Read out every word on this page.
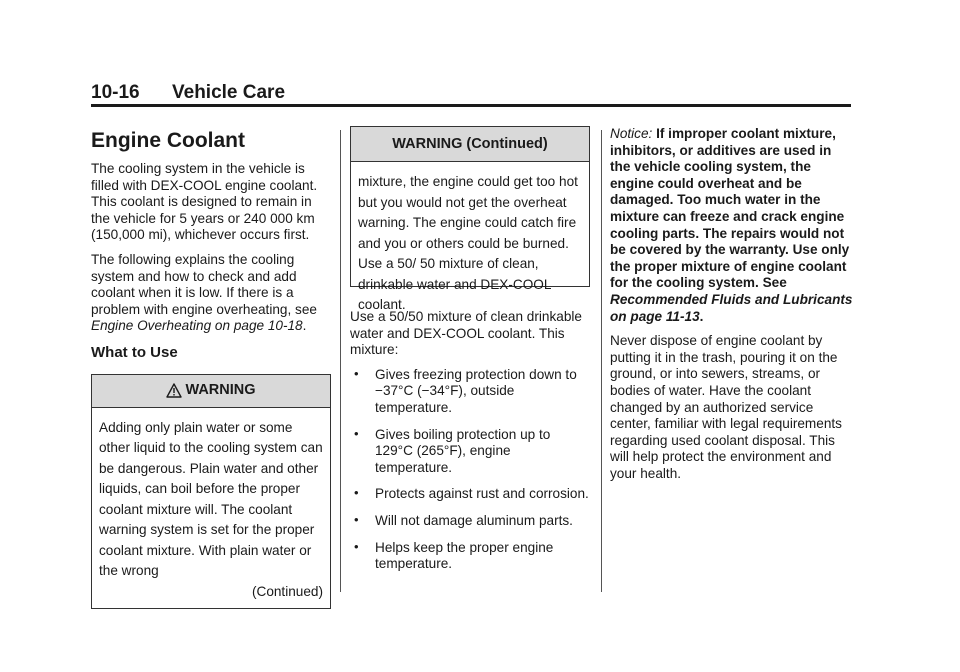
10-16 Vehicle Care
Engine Coolant

The cooling system in the vehicle is filled with DEX-COOL engine coolant. This coolant is designed to remain in the vehicle for 5 years or 240 000 km (150,000 mi), whichever occurs first.

The following explains the cooling system and how to check and add coolant when it is low. If there is a problem with engine overheating, see Engine Overheating on page 10-18.

What to Use
WARNING
Adding only plain water or some other liquid to the cooling system can be dangerous. Plain water and other liquids, can boil before the proper coolant mixture will. The coolant warning system is set for the proper coolant mixture. With plain water or the wrong
(Continued)
WARNING (Continued)
mixture, the engine could get too hot but you would not get the overheat warning. The engine could catch fire and you or others could be burned. Use a 50/ 50 mixture of clean, drinkable water and DEX-COOL coolant.

Use a 50/50 mixture of clean drinkable water and DEX-COOL coolant. This mixture:

• Gives freezing protection down to −37°C (−34°F), outside temperature.
• Gives boiling protection up to 129°C (265°F), engine temperature.
• Protects against rust and corrosion.
• Will not damage aluminum parts.
• Helps keep the proper engine temperature.

Notice: If improper coolant mixture, inhibitors, or additives are used in the vehicle cooling system, the engine could overheat and be damaged. Too much water in the mixture can freeze and crack engine cooling parts. The repairs would not be covered by the warranty. Use only the proper mixture of engine coolant for the cooling system. See Recommended Fluids and Lubricants on page 11-13.

Never dispose of engine coolant by putting it in the trash, pouring it on the ground, or into sewers, streams, or bodies of water. Have the coolant changed by an authorized service center, familiar with legal requirements regarding used coolant disposal. This will help protect the environment and your health.
